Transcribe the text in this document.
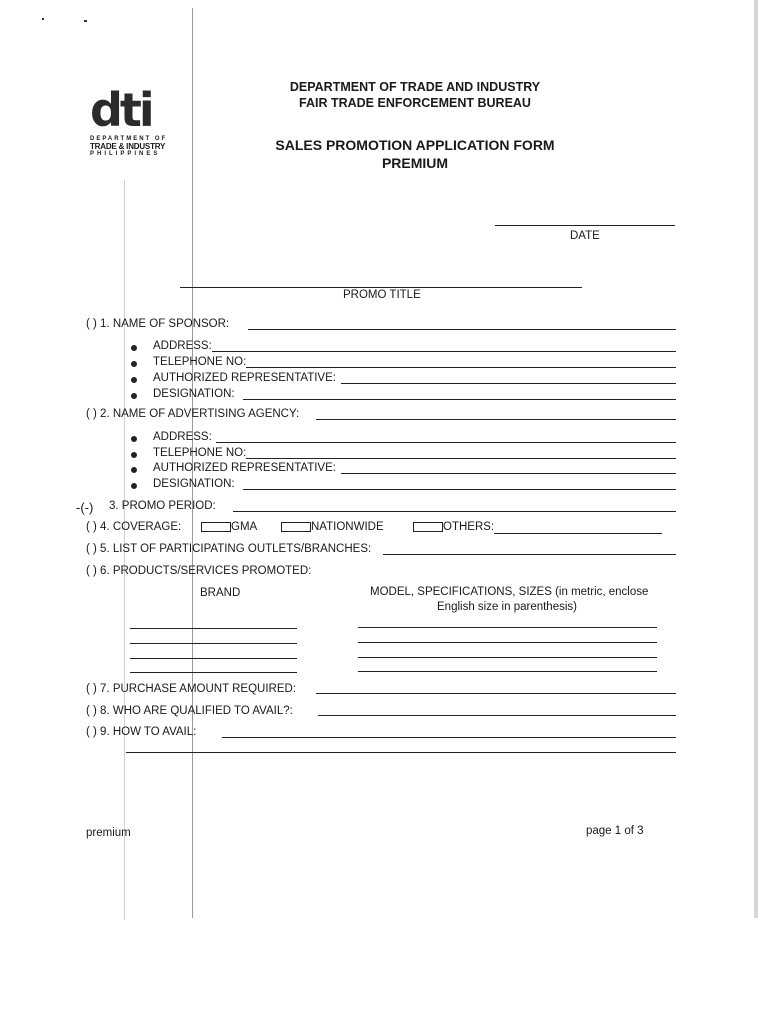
dti
DEPARTMENT OF
TRADE & INDUSTRY
PHILIPPINES
DEPARTMENT OF TRADE AND INDUSTRY
FAIR TRADE ENFORCEMENT BUREAU
SALES PROMOTION APPLICATION FORM
PREMIUM
DATE
PROMO TITLE
( ) 1. NAME OF SPONSOR:
ADDRESS:
TELEPHONE NO:
AUTHORIZED REPRESENTATIVE:
DESIGNATION:
( ) 2. NAME OF ADVERTISING AGENCY:
ADDRESS:
TELEPHONE NO:
AUTHORIZED REPRESENTATIVE:
DESIGNATION:
-(-) 3. PROMO PERIOD:
( ) 4. COVERAGE:	GMA	NATIONWIDE	OTHERS:
( ) 5. LIST OF PARTICIPATING OUTLETS/BRANCHES:
( ) 6. PRODUCTS/SERVICES PROMOTED:
BRAND	MODEL, SPECIFICATIONS, SIZES (in metric, enclose
English size in parenthesis)
( ) 7. PURCHASE AMOUNT REQUIRED:
( ) 8. WHO ARE QUALIFIED TO AVAIL?:
( ) 9. HOW TO AVAIL:
premium	page 1 of 3
